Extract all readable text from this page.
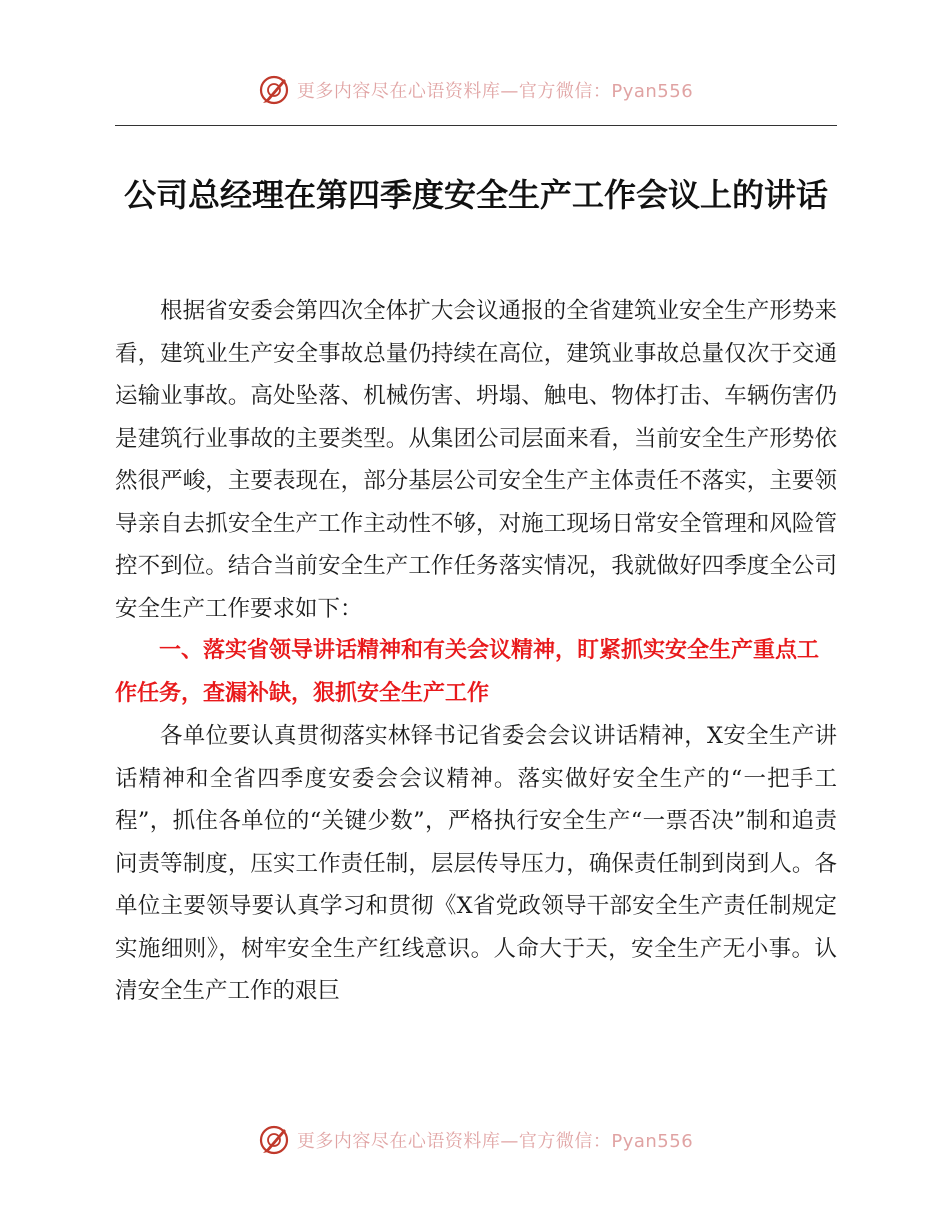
更多内容尽在心语资料库—官方微信：Pyan556
公司总经理在第四季度安全生产工作会议上的讲话

根据省安委会第四次全体扩大会议通报的全省建筑业安全生产形势来看，建筑业生产安全事故总量仍持续在高位，建筑业事故总量仅次于交通运输业事故。高处坠落、机械伤害、坍塌、触电、物体打击、车辆伤害仍是建筑行业事故的主要类型。从集团公司层面来看，当前安全生产形势依然很严峻，主要表现在，部分基层公司安全生产主体责任不落实，主要领导亲自去抓安全生产工作主动性不够，对施工现场日常安全管理和风险管控不到位。结合当前安全生产工作任务落实情况，我就做好四季度全公司安全生产工作要求如下：

一、落实省领导讲话精神和有关会议精神，盯紧抓实安全生产重点工作任务，查漏补缺，狠抓安全生产工作

各单位要认真贯彻落实林铎书记省委会会议讲话精神，X安全生产讲话精神和全省四季度安委会会议精神。落实做好安全生产的“一把手工程”，抓住各单位的“关键少数”，严格执行安全生产“一票否决”制和追责问责等制度，压实工作责任制，层层传导压力，确保责任制到岗到人。各单位主要领导要认真学习和贯彻《X省党政领导干部安全生产责任制规定实施细则》，树牢安全生产红线意识。人命大于天，安全生产无小事。认清安全生产工作的艰巨

更多内容尽在心语资料库—官方微信：Pyan556
